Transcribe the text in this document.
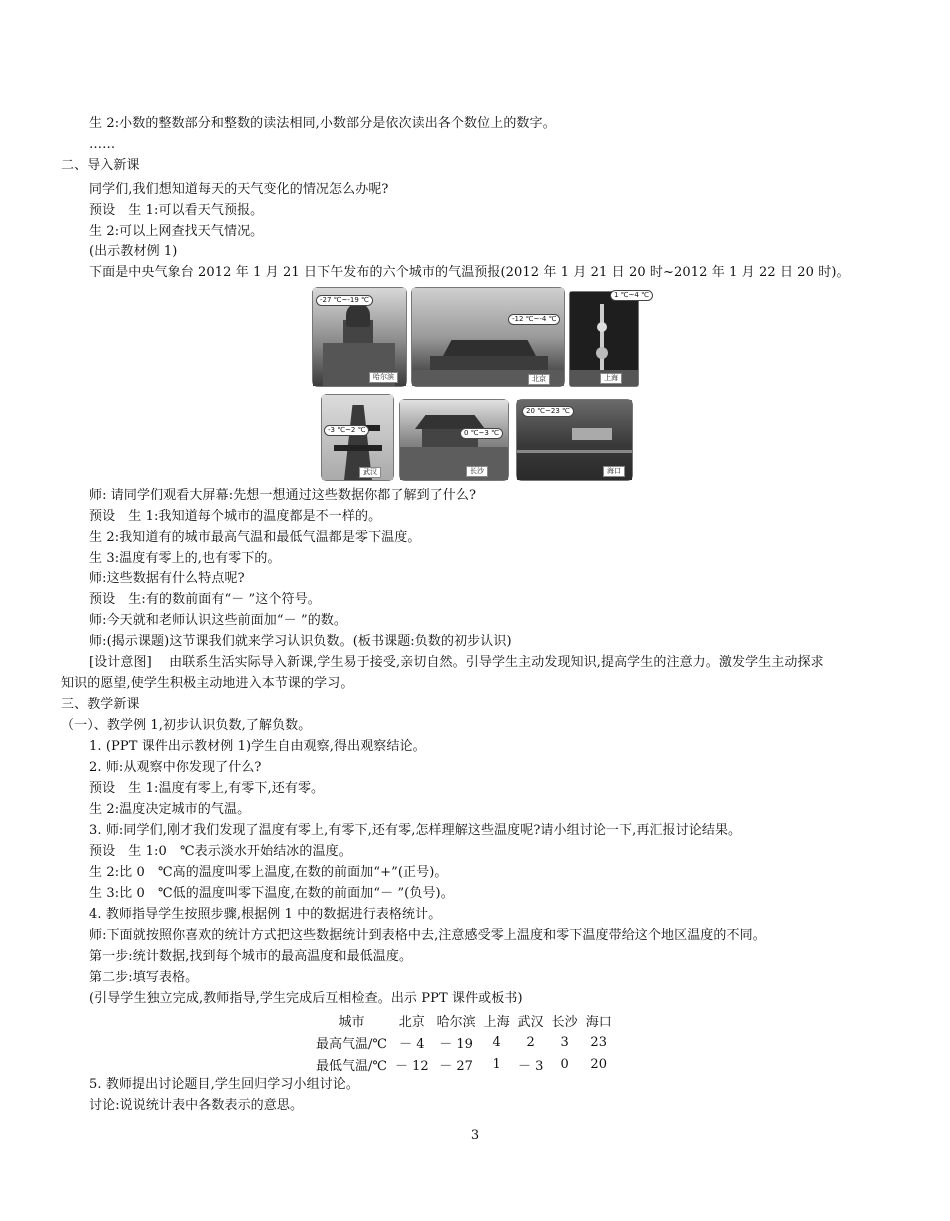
生 2:小数的整数部分和整数的读法相同,小数部分是依次读出各个数位上的数字。
……
二、导入新课
同学们,我们想知道每天的天气变化的情况怎么办呢?
预设　生 1:可以看天气预报。
生 2:可以上网查找天气情况。
(出示教材例 1)
下面是中央气象台 2012 年 1 月 21 日下午发布的六个城市的气温预报(2012 年 1 月 21 日 20 时~2012 年 1 月 22 日 20 时)。
-27 ℃~-19 ℃
哈尔滨
-12 ℃~-4 ℃
北京
1 ℃~4 ℃
上海
-3 ℃~2 ℃
武汉
0 ℃~3 ℃
长沙
20 ℃~23 ℃
海口
师: 请同学们观看大屏幕:先想一想通过这些数据你都了解到了什么?
预设　生 1:我知道每个城市的温度都是不一样的。
生 2:我知道有的城市最高气温和最低气温都是零下温度。
生 3:温度有零上的,也有零下的。
师:这些数据有什么特点呢?
预设　生:有的数前面有“－ ”这个符号。
师:今天就和老师认识这些前面加“－ ”的数。
师:(揭示课题)这节课我们就来学习认识负数。(板书课题:负数的初步认识)
[设计意图]　 由联系生活实际导入新课,学生易于接受,亲切自然。引导学生主动发现知识,提高学生的注意力。激发学生主动探求
知识的愿望,使学生积极主动地进入本节课的学习。
三、教学新课
（一）、教学例 1,初步认识负数,了解负数。
1. (PPT 课件出示教材例 1)学生自由观察,得出观察结论。
2. 师:从观察中你发现了什么?
预设　生 1:温度有零上,有零下,还有零。
生 2:温度决定城市的气温。
3. 师:同学们,刚才我们发现了温度有零上,有零下,还有零,怎样理解这些温度呢?请小组讨论一下,再汇报讨论结果。
预设　生 1:0　℃表示淡水开始结冰的温度。
生 2:比 0　℃高的温度叫零上温度,在数的前面加“+”(正号)。
生 3:比 0　℃低的温度叫零下温度,在数的前面加“－ ”(负号)。
4. 教师指导学生按照步骤,根据例 1 中的数据进行表格统计。
师:下面就按照你喜欢的统计方式把这些数据统计到表格中去,注意感受零上温度和零下温度带给这个地区温度的不同。
第一步:统计数据,找到每个城市的最高温度和最低温度。
第二步:填写表格。
(引导学生独立完成,教师指导,学生完成后互相检查。出示 PPT 课件或板书)
城市	北京	哈尔滨	上海	武汉	长沙	海口
最高气温/℃	－ 4	－ 19	4	2	3	23
最低气温/℃	－ 12	－ 27	1	－ 3	0	20
5. 教师提出讨论题目,学生回归学习小组讨论。
讨论:说说统计表中各数表示的意思。
3
